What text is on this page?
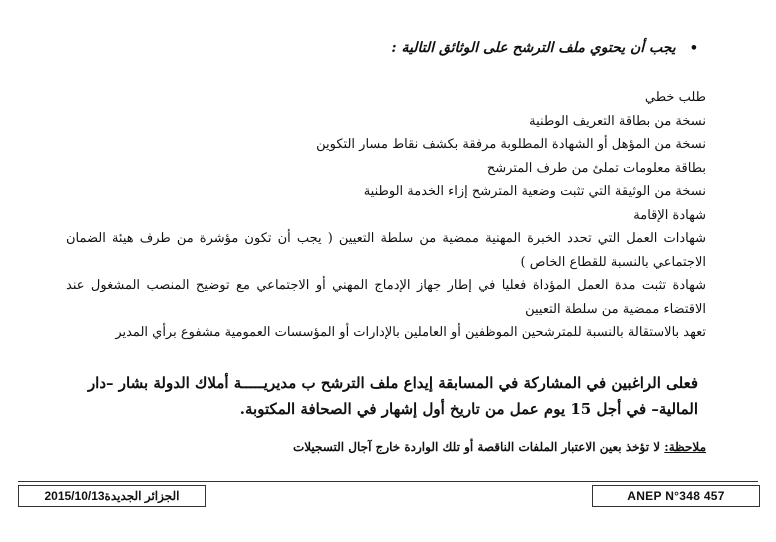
•يجب أن يحتوي ملف الترشح على الوثائق التالية :
طلب خطي
نسخة من بطاقة التعريف الوطنية
نسخة من المؤهل أو الشهادة المطلوبة مرفقة بكشف نقاط مسار التكوين
بطاقة معلومات تملئ من طرف المترشح
نسخة من الوثيقة التي تثبت وضعية المترشح إزاء الخدمة الوطنية
شهادة الإقامة
شهادات العمل التي تحدد الخبرة المهنية ممضية من سلطة التعيين ( يجب أن تكون مؤشرة من طرف هيئة الضمان الاجتماعي بالنسبة للقطاع الخاص )
شهادة تثبت مدة العمل المؤداة فعليا في إطار جهاز الإدماج المهني أو الاجتماعي مع توضيح المنصب المشغول عند الاقتضاء ممضية من سلطة التعيين
تعهد بالاستقالة بالنسبة للمترشحين الموظفين أو العاملين بالإدارات أو المؤسسات العمومية مشفوع برأي المدير
فعلى الراغبين في المشاركة في المسابقة إيداع ملف الترشح ب مديريـــــة أملاك الدولة بشار –دار المالية– في أجل 15 يوم عمل من تاريخ أول إشهار في الصحافة المكتوبة.
ملاحظة: لا تؤخذ بعين الاعتبار الملفات الناقصة أو تلك الواردة خارج آجال التسجيلات
الجزائر الجديدة2015/10/13	ANEP N°348 457
